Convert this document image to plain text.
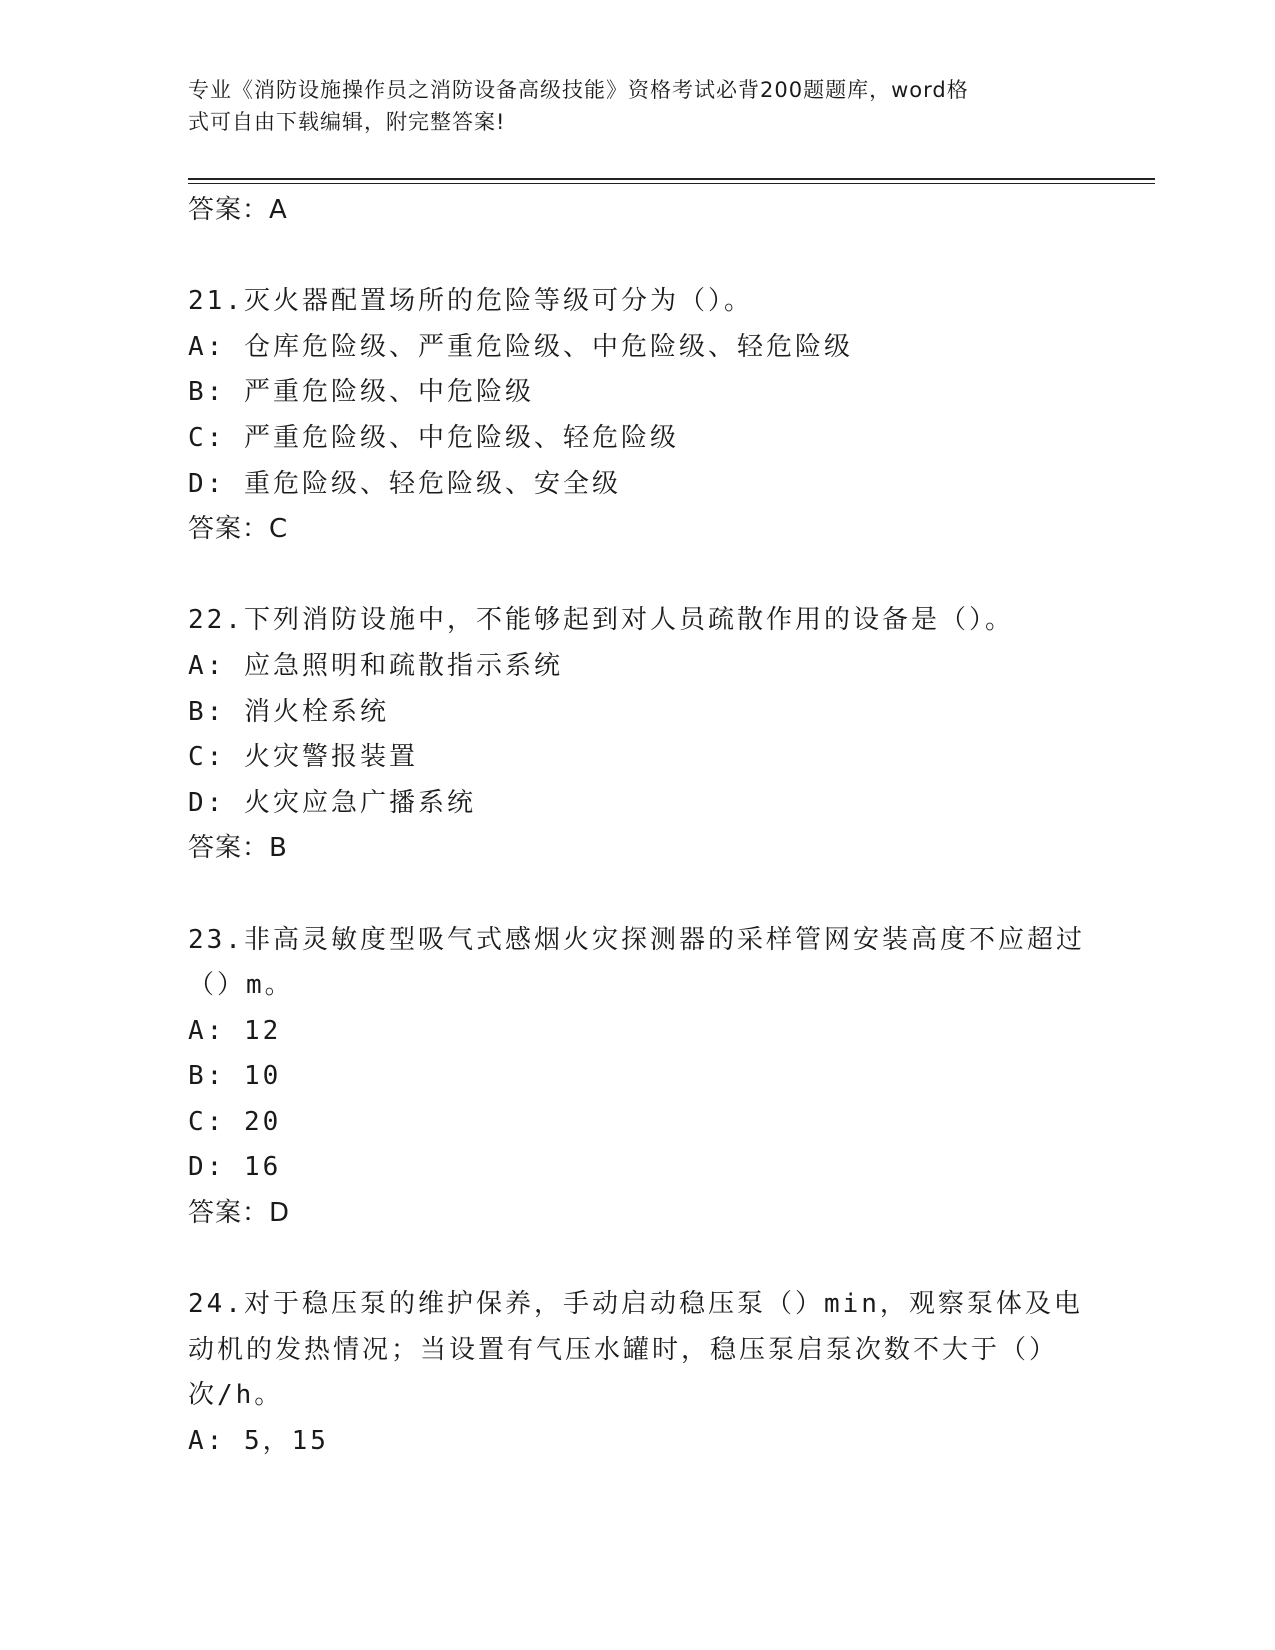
专业《消防设施操作员之消防设备高级技能》资格考试必背200题题库，word格
式可自由下载编辑，附完整答案!
答案：A
21.灭火器配置场所的危险等级可分为（）。
A: 仓库危险级、严重危险级、中危险级、轻危险级
B: 严重危险级、中危险级
C: 严重危险级、中危险级、轻危险级
D: 重危险级、轻危险级、安全级
答案：C
22.下列消防设施中，不能够起到对人员疏散作用的设备是（）。
A: 应急照明和疏散指示系统
B: 消火栓系统
C: 火灾警报装置
D: 火灾应急广播系统
答案：B
23.非高灵敏度型吸气式感烟火灾探测器的采样管网安装高度不应超过
（）m。
A: 12
B: 10
C: 20
D: 16
答案：D
24.对于稳压泵的维护保养，手动启动稳压泵（）min，观察泵体及电
动机的发热情况；当设置有气压水罐时，稳压泵启泵次数不大于（）
次/h。
A: 5，15
